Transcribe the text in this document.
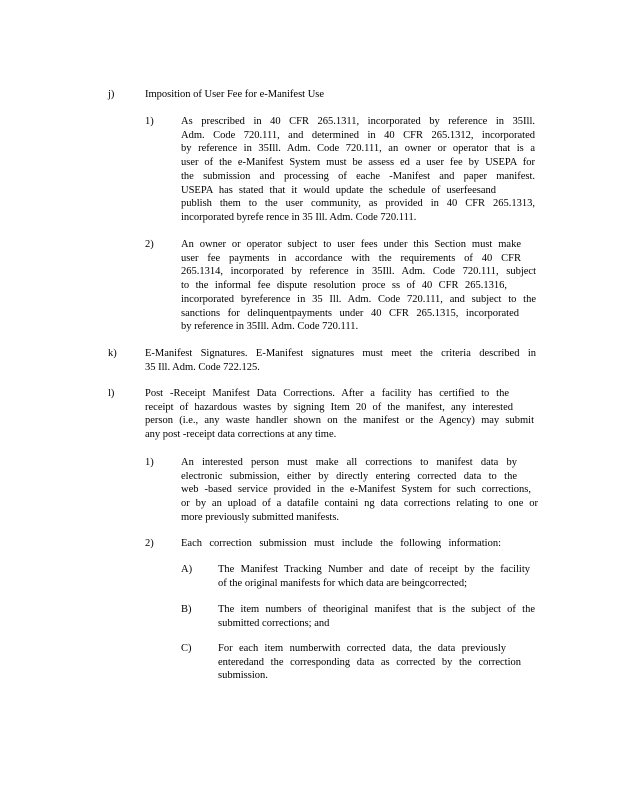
j)	Imposition of User Fee for e-Manifest Use
1)	As prescribed in 40 CFR 265.1311, incorporated by reference in 35Ill.
Adm. Code 720.111, and determined in 40 CFR 265.1312, incorporated
by reference in 35Ill. Adm. Code 720.111, an owner or operator that is a
user of the e-Manifest System must be assess ed a user fee by USEPA for
the submission and processing of eache -Manifest and paper manifest.
USEPA has stated that it would update the schedule of userfeesand
publish them to the user community, as provided in 40 CFR 265.1313,
incorporated byrefe rence in 35 Ill. Adm. Code 720.111.
2)	An owner or operator subject to user fees under this Section must make
user fee payments in accordance with the requirements of 40 CFR
265.1314, incorporated by reference in 35Ill. Adm. Code 720.111, subject
to the informal fee dispute resolution proce ss of 40 CFR 265.1316,
incorporated byreference in 35 Ill. Adm. Code 720.111, and subject to the
sanctions for delinquentpayments under 40 CFR 265.1315, incorporated
by reference in 35Ill. Adm. Code 720.111.
k)	E-Manifest Signatures. E-Manifest signatures must meet the criteria described in
35 Ill. Adm. Code 722.125.
l)	Post -Receipt Manifest Data Corrections. After a facility has certified to the
receipt of hazardous wastes by signing Item 20 of the manifest, any interested
person (i.e., any waste handler shown on the manifest or the Agency) may submit
any post -receipt data corrections at any time.
1)	An interested person must make all corrections to manifest data by
electronic submission, either by directly entering corrected data to the
web -based service provided in the e-Manifest System for such corrections,
or by an upload of a datafile containi ng data corrections relating to one or
more previously submitted manifests.
2)	Each correction submission must include the following information:
A) The Manifest Tracking Number and date of receipt by the facility
of the original manifests for which data are beingcorrected;
B)	The item numbers of theoriginal manifest that is the subject of the
submitted corrections; and
C)	For each item numberwith corrected data, the data previously
enteredand the corresponding data as corrected by the correction
submission.
